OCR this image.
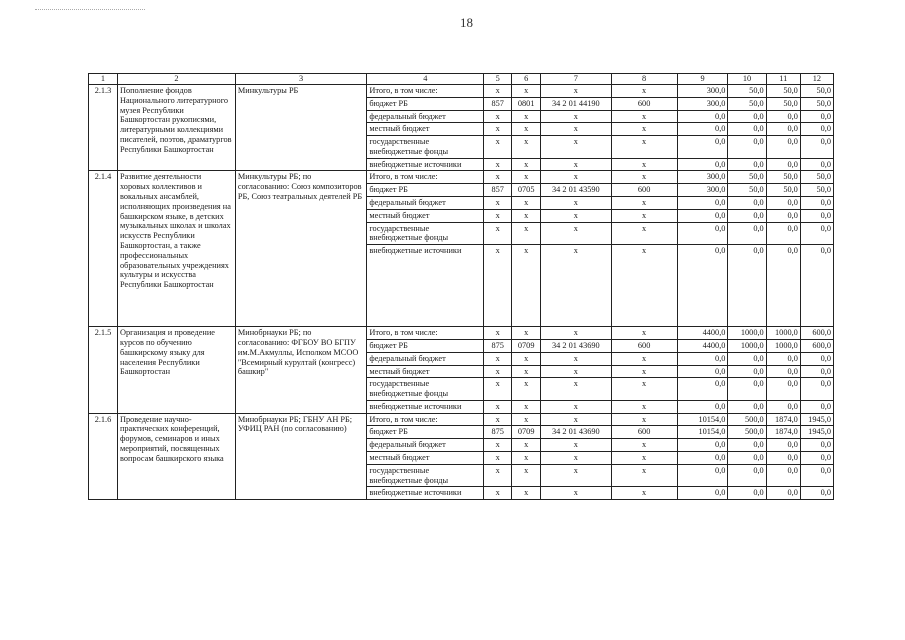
18
1	2	3	4	5	6	7	8	9	10	11	12
2.1.3	Пополнение фондов Национального литературного музея Республики Башкортостан рукописями, литературными коллекциями писателей, поэтов, драматургов Республики Башкортостан	Минкультуры РБ	Итого, в том числе:	х	х	х	х	300,0	50,0	50,0	50,0
			бюджет РБ	857	0801	34 2 01 44190	600	300,0	50,0	50,0	50,0
			федеральный бюджет	х	х	х	х	0,0	0,0	0,0	0,0
			местный бюджет	х	х	х	х	0,0	0,0	0,0	0,0
			государственные внебюджетные фонды	х	х	х	х	0,0	0,0	0,0	0,0
			внебюджетные источники	х	х	х	х	0,0	0,0	0,0	0,0
2.1.4	Развитие деятельности хоровых коллективов и вокальных ансамблей, исполняющих произведения на башкирском языке, в детских музыкальных школах и школах искусств Республики Башкортостан, а также профессиональных образовательных учреждениях культуры и искусства Республики Башкортостан	Минкультуры РБ; по согласованию: Союз композиторов РБ, Союз театральных деятелей РБ	Итого, в том числе:	х	х	х	х	300,0	50,0	50,0	50,0
			бюджет РБ	857	0705	34 2 01 43590	600	300,0	50,0	50,0	50,0
			федеральный бюджет	х	х	х	х	0,0	0,0	0,0	0,0
			местный бюджет	х	х	х	х	0,0	0,0	0,0	0,0
			государственные внебюджетные фонды	х	х	х	х	0,0	0,0	0,0	0,0
			внебюджетные источники	х	х	х	х	0,0	0,0	0,0	0,0
2.1.5	Организация и проведение курсов по обучению башкирскому языку для населения Республики Башкортостан	Минобрнауки РБ; по согласованию: ФГБОУ ВО БГПУ им.М.Акмуллы, Исполком МСОО "Всемирный курултай (конгресс) башкир"	Итого, в том числе:	х	х	х	х	4400,0	1000,0	1000,0	600,0
			бюджет РБ	875	0709	34 2 01 43690	600	4400,0	1000,0	1000,0	600,0
			федеральный бюджет	х	х	х	х	0,0	0,0	0,0	0,0
			местный бюджет	х	х	х	х	0,0	0,0	0,0	0,0
			государственные внебюджетные фонды	х	х	х	х	0,0	0,0	0,0	0,0
			внебюджетные источники	х	х	х	х	0,0	0,0	0,0	0,0
2.1.6	Проведение научно-практических конференций, форумов, семинаров и иных мероприятий, посвященных вопросам башкирского языка	Минобрнауки РБ; ГБНУ АН РБ; УФИЦ РАН (по согласованию)	Итого, в том числе:	х	х	х	х	10154,0	500,0	1874,0	1945,0
			бюджет РБ	875	0709	34 2 01 43690	600	10154,0	500,0	1874,0	1945,0
			федеральный бюджет	х	х	х	х	0,0	0,0	0,0	0,0
			местный бюджет	х	х	х	х	0,0	0,0	0,0	0,0
			государственные внебюджетные фонды	х	х	х	х	0,0	0,0	0,0	0,0
			внебюджетные источники	х	х	х	х	0,0	0,0	0,0	0,0
